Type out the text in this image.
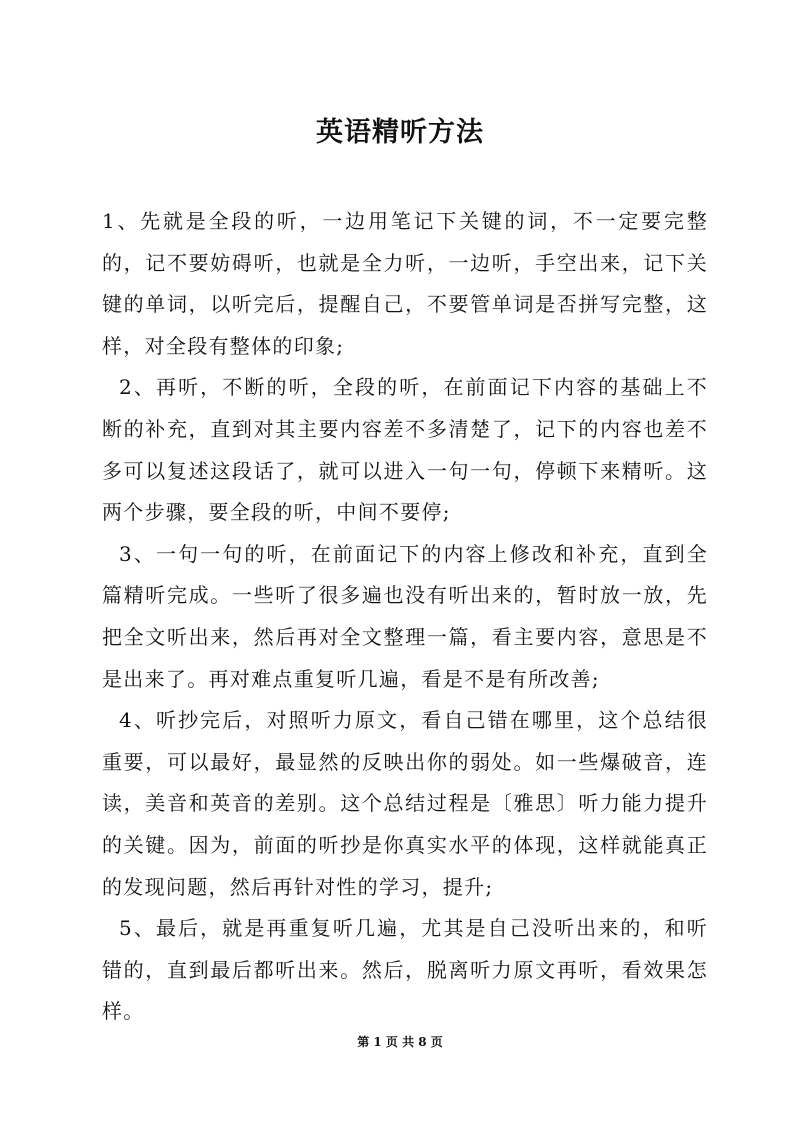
英语精听方法

1、先就是全段的听，一边用笔记下关键的词，不一定要完整的，记不要妨碍听，也就是全力听，一边听，手空出来，记下关键的单词，以听完后，提醒自己，不要管单词是否拼写完整，这样，对全段有整体的印象;

2、再听，不断的听，全段的听，在前面记下内容的基础上不断的补充，直到对其主要内容差不多清楚了，记下的内容也差不多可以复述这段话了，就可以进入一句一句，停顿下来精听。这两个步骤，要全段的听，中间不要停;

3、一句一句的听，在前面记下的内容上修改和补充，直到全篇精听完成。一些听了很多遍也没有听出来的，暂时放一放，先把全文听出来，然后再对全文整理一篇，看主要内容，意思是不是出来了。再对难点重复听几遍，看是不是有所改善;

4、听抄完后，对照听力原文，看自己错在哪里，这个总结很重要，可以最好，最显然的反映出你的弱处。如一些爆破音，连读，美音和英音的差别。这个总结过程是〔雅思〕听力能力提升的关键。因为，前面的听抄是你真实水平的体现，这样就能真正的发现问题，然后再针对性的学习，提升;

5、最后，就是再重复听几遍，尤其是自己没听出来的，和听错的，直到最后都听出来。然后，脱离听力原文再听，看效果怎样。

第 1 页 共 8 页
